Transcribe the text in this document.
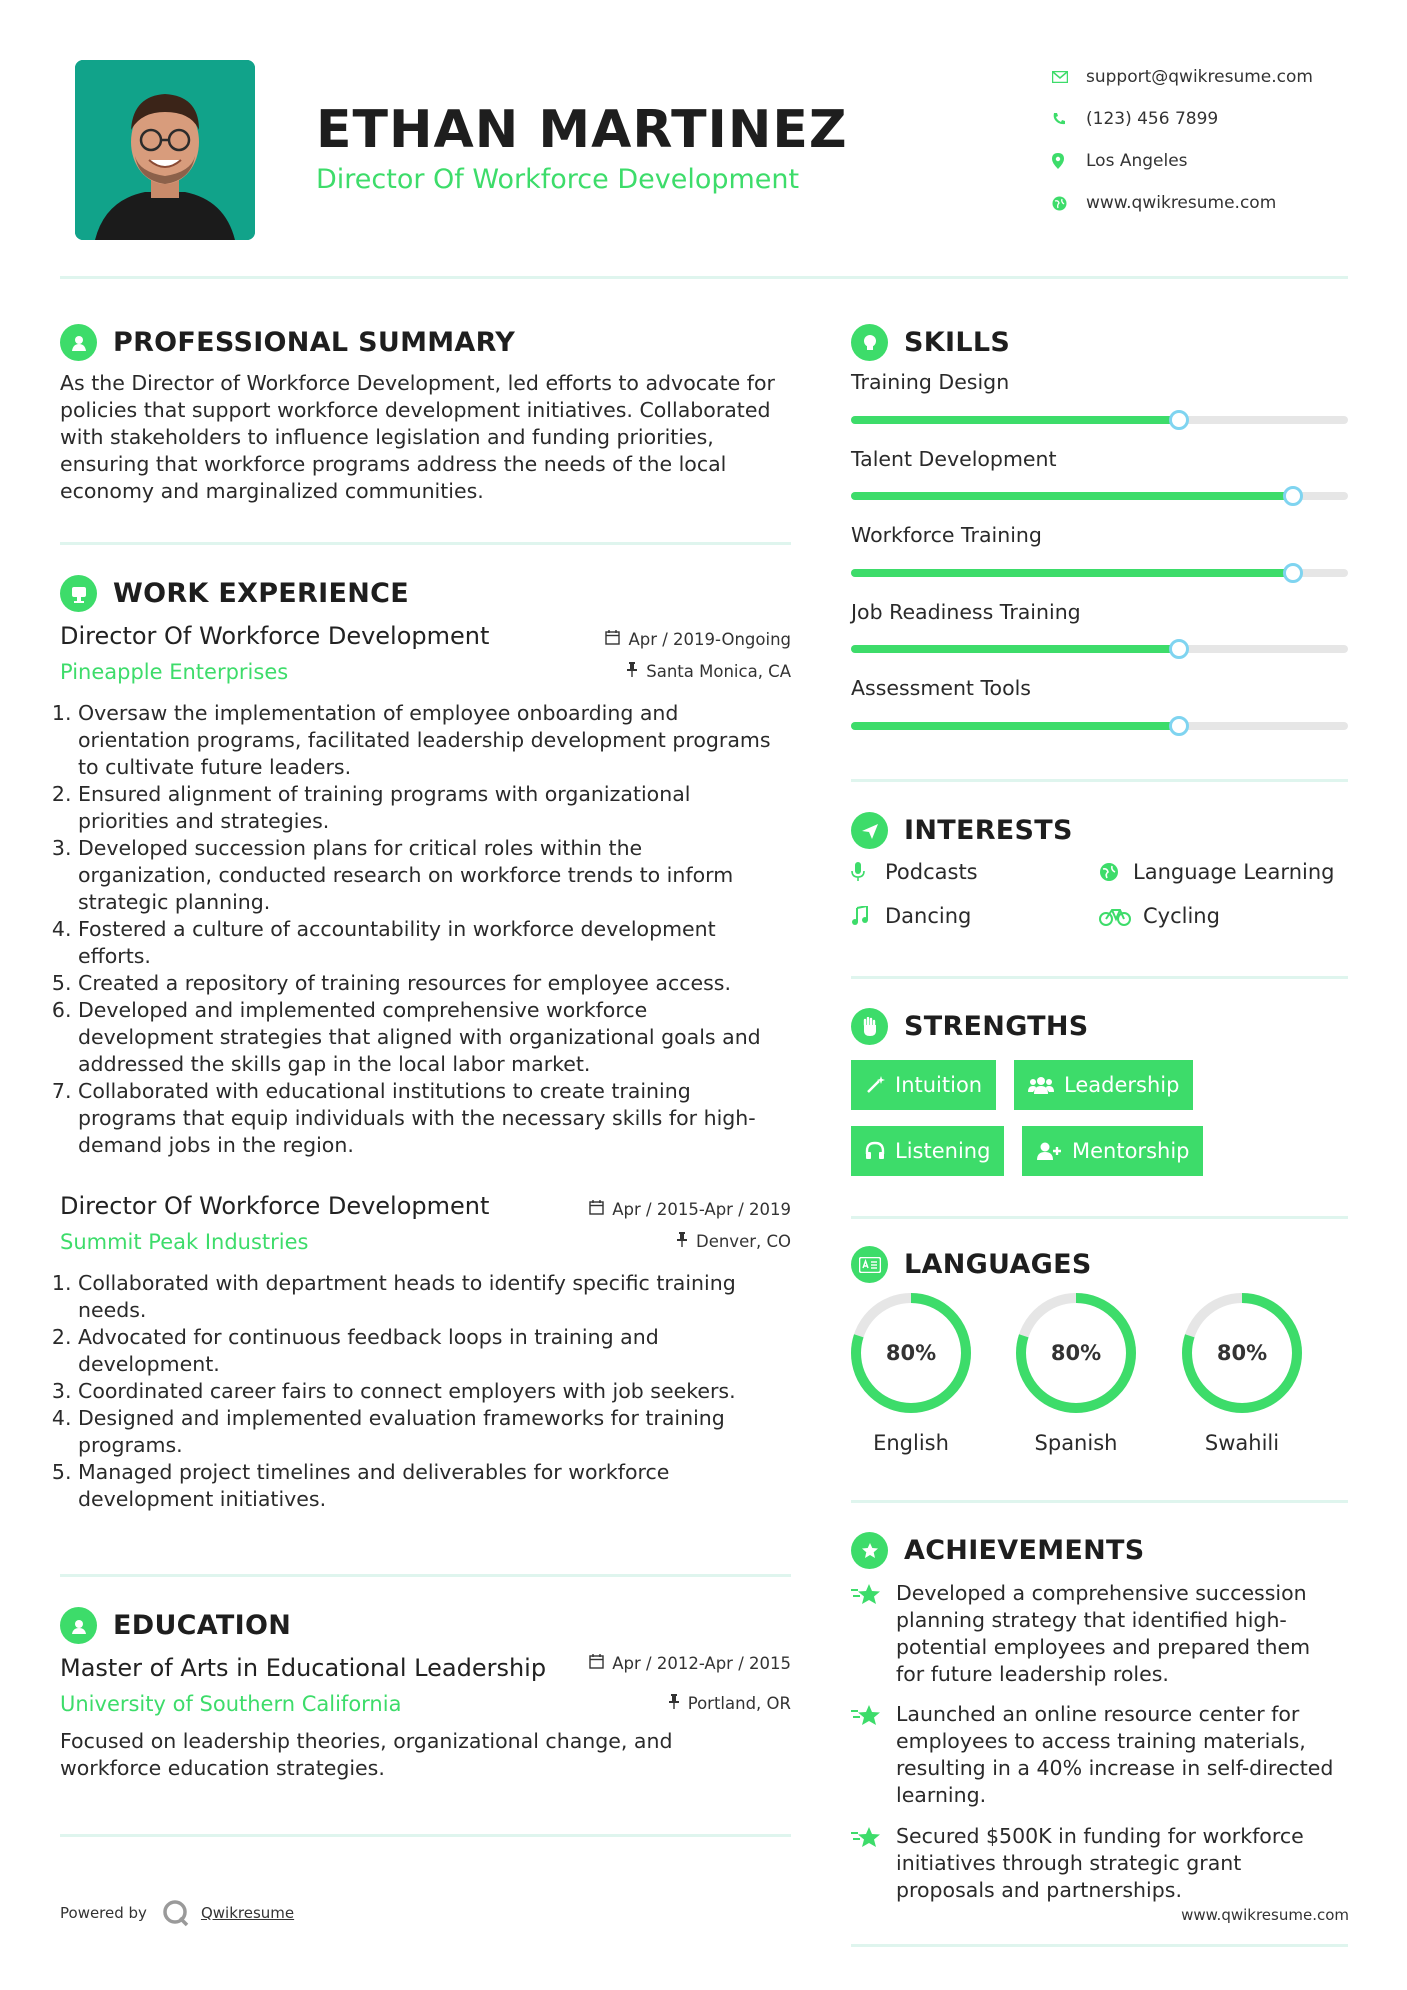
ETHAN MARTINEZ
Director Of Workforce Development
support@qwikresume.com
(123) 456 7899
Los Angeles
www.qwikresume.com
PROFESSIONAL SUMMARY
As the Director of Workforce Development, led efforts to advocate for
policies that support workforce development initiatives. Collaborated
with stakeholders to influence legislation and funding priorities,
ensuring that workforce programs address the needs of the local
economy and marginalized communities.
WORK EXPERIENCE
Director Of Workforce Development	Apr / 2019-Ongoing
Pineapple Enterprises	Santa Monica, CA
1. Oversaw the implementation of employee onboarding and
orientation programs, facilitated leadership development programs
to cultivate future leaders.
2. Ensured alignment of training programs with organizational
priorities and strategies.
3. Developed succession plans for critical roles within the
organization, conducted research on workforce trends to inform
strategic planning.
4. Fostered a culture of accountability in workforce development
efforts.
5. Created a repository of training resources for employee access.
6. Developed and implemented comprehensive workforce
development strategies that aligned with organizational goals and
addressed the skills gap in the local labor market.
7. Collaborated with educational institutions to create training
programs that equip individuals with the necessary skills for high-
demand jobs in the region.
Director Of Workforce Development	Apr / 2015-Apr / 2019
Summit Peak Industries	Denver, CO
1. Collaborated with department heads to identify specific training
needs.
2. Advocated for continuous feedback loops in training and
development.
3. Coordinated career fairs to connect employers with job seekers.
4. Designed and implemented evaluation frameworks for training
programs.
5. Managed project timelines and deliverables for workforce
development initiatives.
EDUCATION
Master of Arts in Educational Leadership	Apr / 2012-Apr / 2015
University of Southern California	Portland, OR
Focused on leadership theories, organizational change, and
workforce education strategies.
Powered by	Qwikresume	www.qwikresume.com
SKILLS
Training Design
Talent Development
Workforce Training
Job Readiness Training
Assessment Tools
INTERESTS
Podcasts	Language Learning
Dancing	Cycling
STRENGTHS
Intuition	Leadership
Listening	Mentorship
LANGUAGES
80%
English
80%
Spanish
80%
Swahili
ACHIEVEMENTS
Developed a comprehensive succession
planning strategy that identified high-
potential employees and prepared them
for future leadership roles.
Launched an online resource center for
employees to access training materials,
resulting in a 40% increase in self-directed
learning.
Secured $500K in funding for workforce
initiatives through strategic grant
proposals and partnerships.
